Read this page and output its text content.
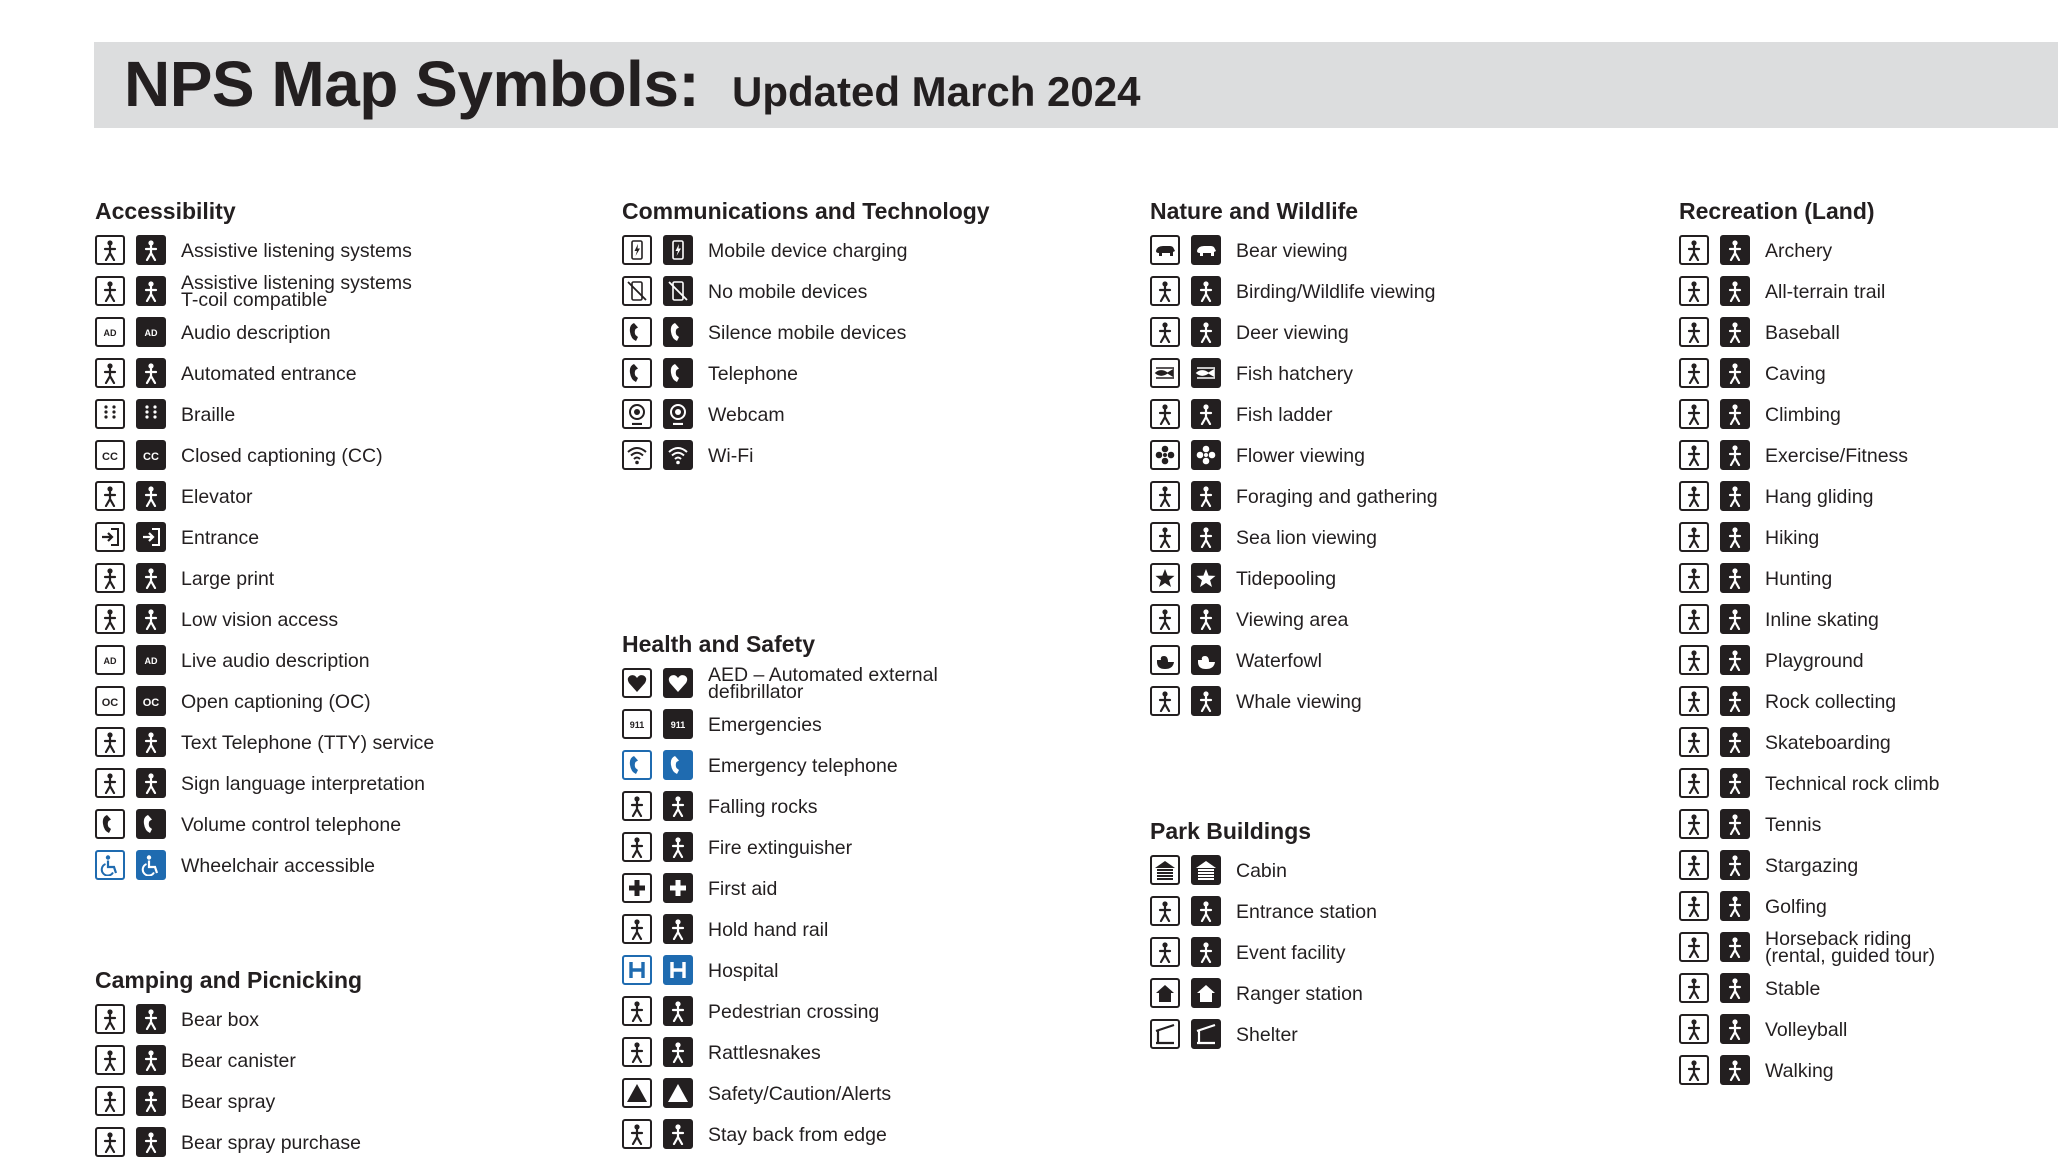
NPS Map Symbols: Updated March 2024
Accessibility
Assistive listening systems
Assistive listening systems
T-coil compatible
AD	AD Audio description
Automated entrance
Braille
CC CC Closed captioning (CC)
Elevator
Entrance
Large print
Low vision access
AD	AD Live audio description
OC OC Open captioning (OC)
Text Telephone (TTY) service
Sign language interpretation
Volume control telephone
Wheelchair accessible
Camping and Picnicking
Bear box
Bear canister
Bear spray
Bear spray purchase
Communications and Technology
Mobile device charging
No mobile devices
Silence mobile devices
Telephone
Webcam
Wi-Fi
Health and Safety
AED – Automated external
defibrillator
911	911 Emergencies
Emergency telephone
Falling rocks
Fire extinguisher
First aid
Hold hand rail
Hospital
Pedestrian crossing
Rattlesnakes
Safety/Caution/Alerts
Stay back from edge
Nature and Wildlife
Bear viewing
Birding/Wildlife viewing
Deer viewing
Fish hatchery
Fish ladder
Flower viewing
Foraging and gathering
Sea lion viewing
Tidepooling
Viewing area
Waterfowl
Whale viewing
Park Buildings
Cabin
Entrance station
Event facility
Ranger station
Shelter
Recreation (Land)
Archery
All-terrain trail
Baseball
Caving
Climbing
Exercise/Fitness
Hang gliding
Hiking
Hunting
Inline skating
Playground
Rock collecting
Skateboarding
Technical rock climb
Tennis
Stargazing
Golfing
Horseback riding
(rental, guided tour)
Stable
Volleyball
Walking
